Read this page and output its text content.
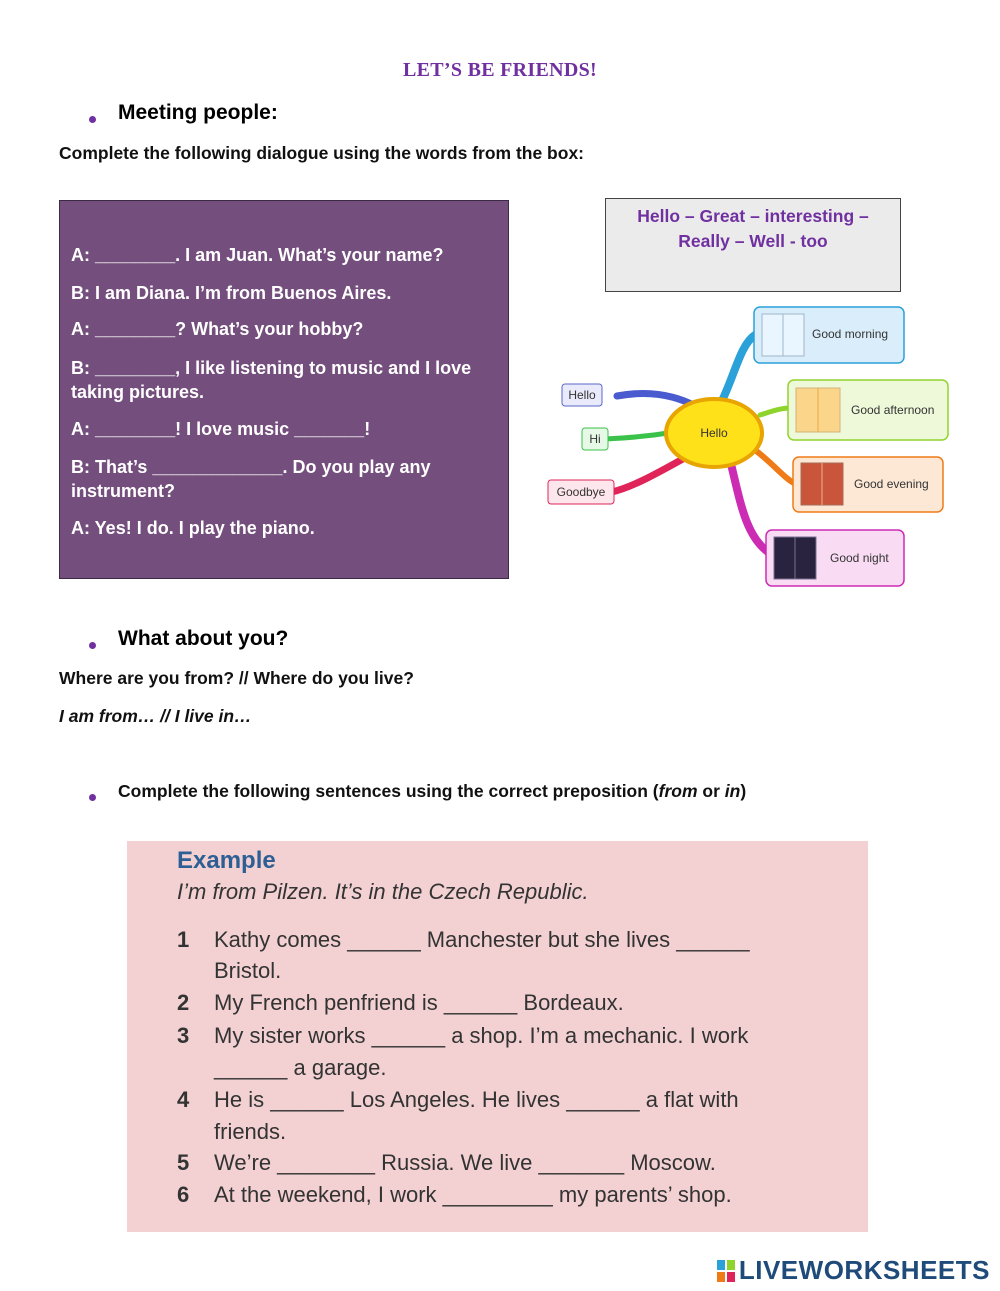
LET’S BE FRIENDS!
Meeting people:
Complete the following dialogue using the words from the box:
A: ________. I am Juan. What’s your name?
B: I am Diana. I’m from Buenos Aires.
A: ________? What’s your hobby?
B: ________, I like listening to music and I love taking pictures.
A: ________! I love music _______!
B: That’s _____________. Do you play any instrument?
A: Yes! I do. I play the piano.
Hello – Great – interesting –
Really – Well - too
Hello
Hello
Hi
Goodbye
Good morning
Good afternoon
Good evening
Good night
What about you?
Where are you from? // Where do you live?
I am from… // I live in…
Complete the following sentences using the correct preposition (from or in)
Example
I’m from Pilzen. It’s in the Czech Republic.
1 Kathy comes ______ Manchester but she lives ______
Bristol.
2 My French penfriend is ______ Bordeaux.
3 My sister works ______ a shop. I’m a mechanic. I work
______ a garage.
4 He is ______ Los Angeles. He lives ______ a flat with
friends.
5 We’re ________ Russia. We live _______ Moscow.
6 At the weekend, I work _________ my parents’ shop.
LIVEWORKSHEETS
